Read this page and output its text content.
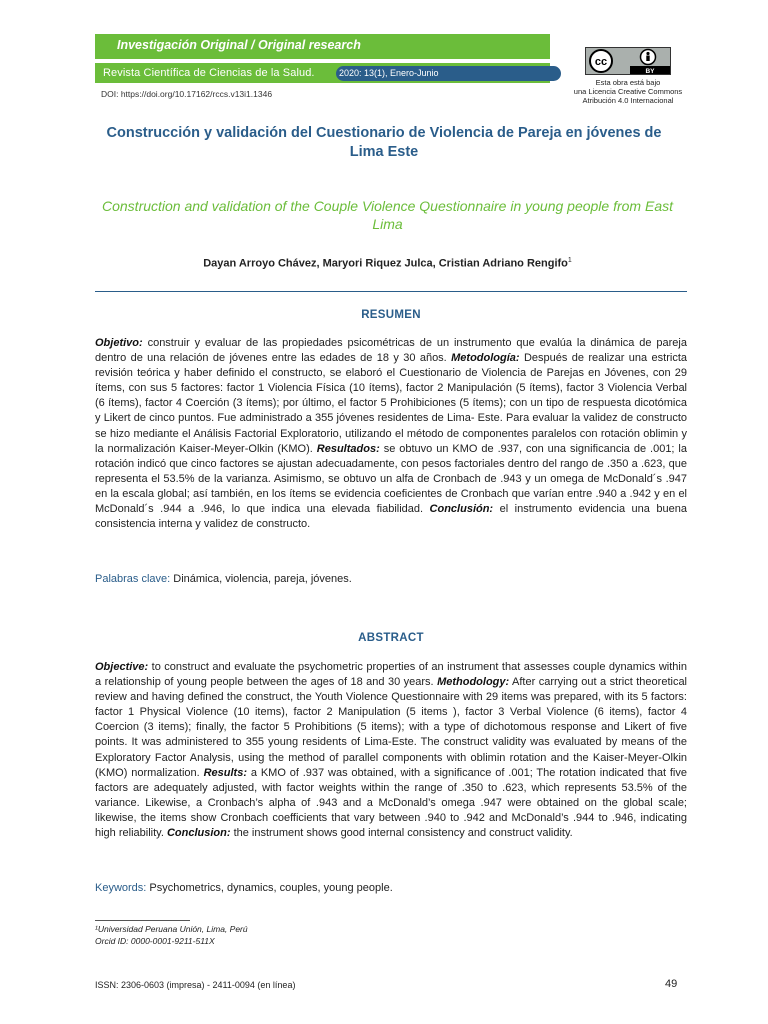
Investigación Original / Original research
Revista Científica de Ciencias de la Salud.	2020: 13(1), Enero-Junio
DOI: https://doi.org/10.17162/rccs.v13i1.1346
cc
BY
Esta obra está bajo
una Licencia Creative Commons
Atribución 4.0 Internacional
Construcción y validación del Cuestionario de Violencia de Pareja en jóvenes de Lima Este
Construction and validation of the Couple Violence Questionnaire in young people from East Lima
Dayan Arroyo Chávez, Maryori Riquez Julca, Cristian Adriano Rengifo$^1$
RESUMEN
Objetivo: construir y evaluar de las propiedades psicométricas de un instrumento que evalúa la dinámica de pareja dentro de una relación de jóvenes entre las edades de 18 y 30 años. Metodología: Después de realizar una estricta revisión teórica y haber definido el constructo, se elaboró el Cuestionario de Violencia de Parejas en Jóvenes, con 29 ítems, con sus 5 factores: factor 1 Violencia Física (10 ítems), factor 2 Manipulación (5 ítems), factor 3 Violencia Verbal (6 ítems), factor 4 Coerción (3 ítems); por último, el factor 5 Prohibiciones (5 ítems); con un tipo de respuesta dicotómica y Likert de cinco puntos. Fue administrado a 355 jóvenes residentes de Lima- Este. Para evaluar la validez de constructo se hizo mediante el Análisis Factorial Exploratorio, utilizando el método de componentes paralelos con rotación oblimin y la normalización Kaiser-Meyer-Olkin (KMO). Resultados: se obtuvo un KMO de .937, con una significancia de .001; la rotación indicó que cinco factores se ajustan adecuadamente, con pesos factoriales dentro del rango de .350 a .623, que representa el 53.5% de la varianza. Asimismo, se obtuvo un alfa de Cronbach de .943 y un omega de McDonald´s .947 en la escala global; así también, en los ítems se evidencia coeficientes de Cronbach que varían entre .940 a .942 y en el McDonald´s .944 a .946, lo que indica una elevada fiabilidad. Conclusión: el instrumento evidencia una buena consistencia interna y validez de constructo.
Palabras clave: Dinámica, violencia, pareja, jóvenes.
ABSTRACT
Objective: to construct and evaluate the psychometric properties of an instrument that assesses couple dynamics within a relationship of young people between the ages of 18 and 30 years. Methodology: After carrying out a strict theoretical review and having defined the construct, the Youth Violence Questionnaire with 29 items was prepared, with its 5 factors: factor 1 Physical Violence (10 items), factor 2 Manipulation (5 items ), factor 3 Verbal Violence (6 items), factor 4 Coercion (3 items); finally, the factor 5 Prohibitions (5 items); with a type of dichotomous response and Likert of five points. It was administered to 355 young residents of Lima-Este. The construct validity was evaluated by means of the Exploratory Factor Analysis, using the method of parallel components with oblimin rotation and the Kaiser-Meyer-Olkin (KMO) normalization. Results: a KMO of .937 was obtained, with a significance of .001; The rotation indicated that five factors are adequately adjusted, with factor weights within the range of .350 to .623, which represents 53.5% of the variance. Likewise, a Cronbach’s alpha of .943 and a McDonald’s omega .947 were obtained on the global scale; likewise, the items show Cronbach coefficients that vary between .940 to .942 and McDonald’s .944 to .946, indicating high reliability. Conclusion: the instrument shows good internal consistency and construct validity.
Keywords: Psychometrics, dynamics, couples, young people.
¹Universidad Peruana Unión, Lima, Perú
Orcid ID: 0000-0001-9211-511X
ISSN: 2306-0603 (impresa) - 2411-0094 (en línea)	49
